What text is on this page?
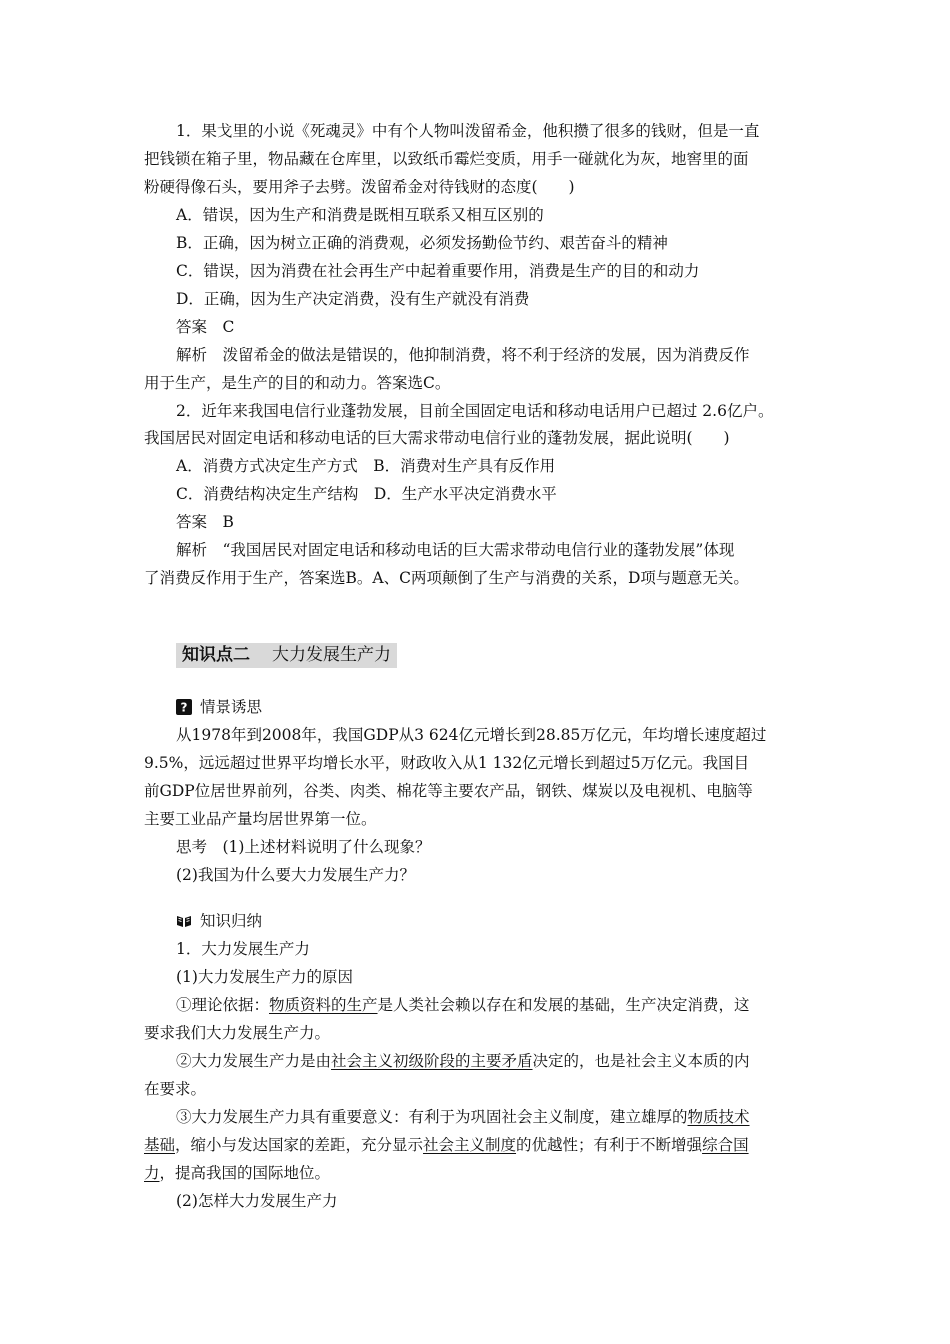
1．果戈里的小说《死魂灵》中有个人物叫泼留希金，他积攒了很多的钱财，但是一直
把钱锁在箱子里，物品藏在仓库里，以致纸币霉烂变质，用手一碰就化为灰，地窖里的面
粉硬得像石头，要用斧子去劈。泼留希金对待钱财的态度(　　)
A．错误，因为生产和消费是既相互联系又相互区别的
B．正确，因为树立正确的消费观，必须发扬勤俭节约、艰苦奋斗的精神
C．错误，因为消费在社会再生产中起着重要作用，消费是生产的目的和动力
D．正确，因为生产决定消费，没有生产就没有消费
答案　C
解析　泼留希金的做法是错误的，他抑制消费，将不利于经济的发展，因为消费反作
用于生产，是生产的目的和动力。答案选C。
2．近年来我国电信行业蓬勃发展，目前全国固定电话和移动电话用户已超过 2.6亿户。
我国居民对固定电话和移动电话的巨大需求带动电信行业的蓬勃发展，据此说明(　　)
A．消费方式决定生产方式　B．消费对生产具有反作用
C．消费结构决定生产结构　D．生产水平决定消费水平
答案　B
解析　“我国居民对固定电话和移动电话的巨大需求带动电信行业的蓬勃发展”体现
了消费反作用于生产，答案选B。A、C两项颠倒了生产与消费的关系，D项与题意无关。
知识点二 大力发展生产力
? 情景诱思
从1978年到2008年，我国GDP从3 624亿元增长到28.85万亿元，年均增长速度超过
9.5%，远远超过世界平均增长水平，财政收入从1 132亿元增长到超过5万亿元。我国目
前GDP位居世界前列，谷类、肉类、棉花等主要农产品，钢铁、煤炭以及电视机、电脑等
主要工业品产量均居世界第一位。
思考　(1)上述材料说明了什么现象？
(2)我国为什么要大力发展生产力？
知识归纳
1．大力发展生产力
(1)大力发展生产力的原因
①理论依据：物质资料的生产是人类社会赖以存在和发展的基础，生产决定消费，这
要求我们大力发展生产力。
②大力发展生产力是由社会主义初级阶段的主要矛盾决定的，也是社会主义本质的内
在要求。
③大力发展生产力具有重要意义：有利于为巩固社会主义制度，建立雄厚的物质技术
基础，缩小与发达国家的差距，充分显示社会主义制度的优越性；有利于不断增强综合国
力，提高我国的国际地位。
(2)怎样大力发展生产力
